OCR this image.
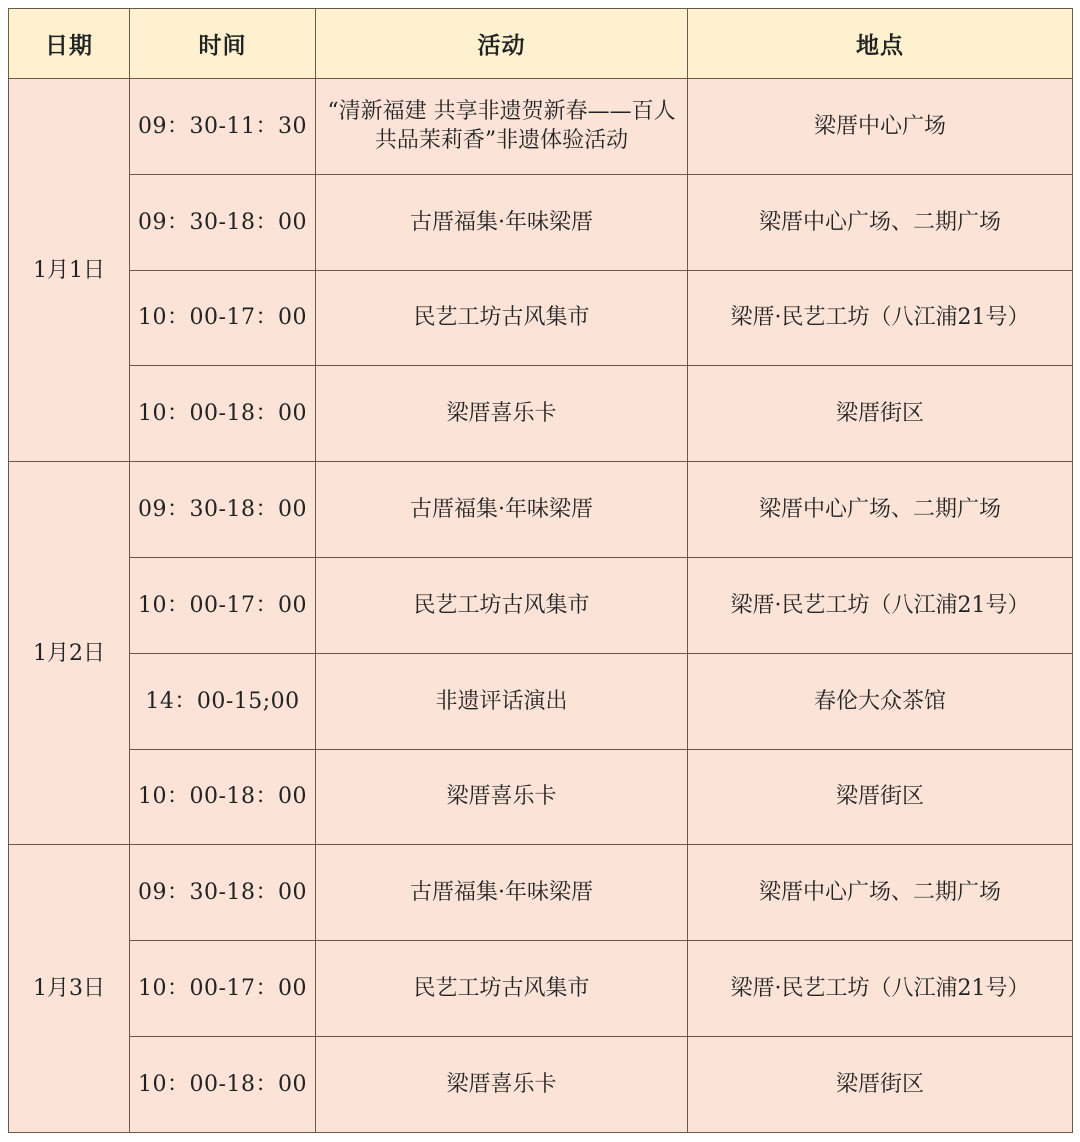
日期	时间	活动	地点
1月1日	09：30-11：30	“清新福建 共享非遗贺新春——百人共品茉莉香”非遗体验活动	梁厝中心广场
	09：30-18：00	古厝福集·年味梁厝	梁厝中心广场、二期广场
	10：00-17：00	民艺工坊古风集市	梁厝·民艺工坊（八江浦21号）
	10：00-18：00	梁厝喜乐卡	梁厝街区
1月2日	09：30-18：00	古厝福集·年味梁厝	梁厝中心广场、二期广场
	10：00-17：00	民艺工坊古风集市	梁厝·民艺工坊（八江浦21号）
	14：00-15;00	非遗评话演出	春伦大众茶馆
	10：00-18：00	梁厝喜乐卡	梁厝街区
1月3日	09：30-18：00	古厝福集·年味梁厝	梁厝中心广场、二期广场
	10：00-17：00	民艺工坊古风集市	梁厝·民艺工坊（八江浦21号）
	10：00-18：00	梁厝喜乐卡	梁厝街区
